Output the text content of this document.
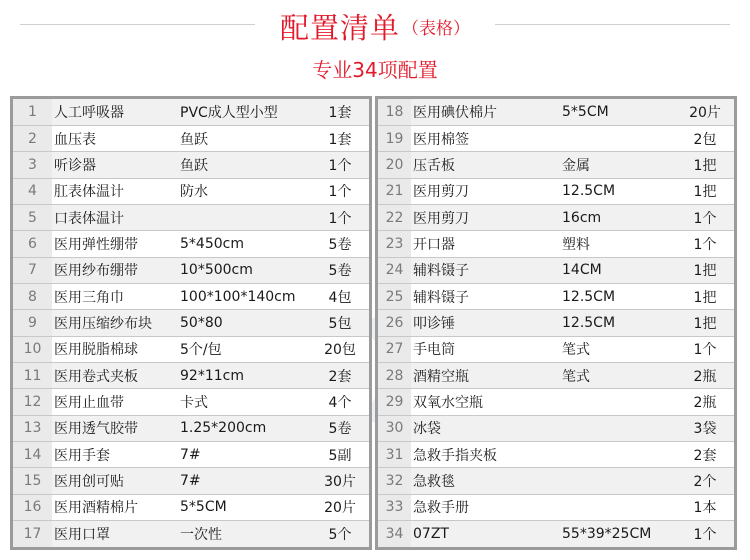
配置清单 （表格）
专业34项配置
1	人工呼吸器	PVC成人型小型	1套
2	血压表	鱼跃	1套
3	听诊器	鱼跃	1个
4	肛表体温计	防水	1个
5	口表体温计		1个
6	医用弹性绷带	5*450cm	5卷
7	医用纱布绷带	10*500cm	5卷
8	医用三角巾	100*100*140cm	4包
9	医用压缩纱布块	50*80	5包
10	医用脱脂棉球	5个/包	20包
11	医用卷式夹板	92*11cm	2套
12	医用止血带	卡式	4个
13	医用透气胶带	1.25*200cm	5卷
14	医用手套	7#	5副
15	医用创可贴	7#	30片
16	医用酒精棉片	5*5CM	20片
17	医用口罩	一次性	5个
18	医用碘伏棉片	5*5CM	20片
19	医用棉签		2包
20	压舌板	金属	1把
21	医用剪刀	12.5CM	1把
22	医用剪刀	16cm	1个
23	开口器	塑料	1个
24	辅料镊子	14CM	1把
25	辅料镊子	12.5CM	1把
26	叩诊锤	12.5CM	1把
27	手电筒	笔式	1个
28	酒精空瓶	笔式	2瓶
29	双氧水空瓶		2瓶
30	冰袋		3袋
31	急救手指夹板		2套
32	急救毯		2个
33	急救手册		1本
34	07ZT	55*39*25CM	1个
